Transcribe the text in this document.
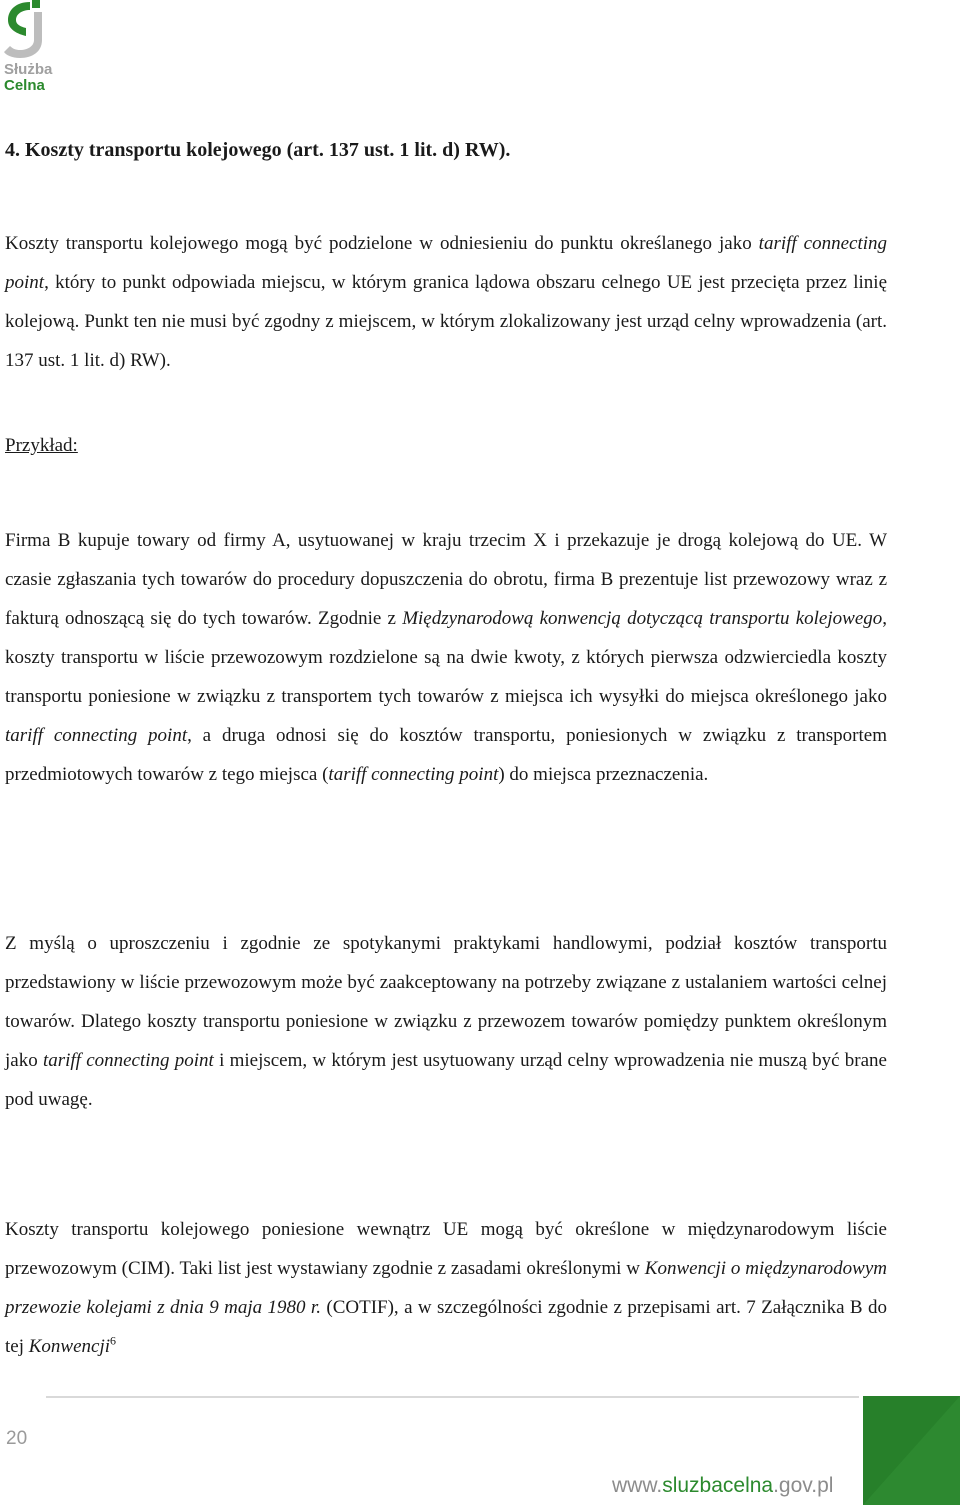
Służba
Celna
4. Koszty transportu kolejowego (art. 137 ust. 1 lit. d) RW).

Koszty transportu kolejowego mogą być podzielone w odniesieniu do punktu określanego jako tariff connecting point, który to punkt odpowiada miejscu, w którym granica lądowa obszaru celnego UE jest przecięta przez linię kolejową. Punkt ten nie musi być zgodny z miejscem, w którym zlokalizowany jest urząd celny wprowadzenia (art. 137 ust. 1 lit. d) RW).

Przykład:

Firma B kupuje towary od firmy A, usytuowanej w kraju trzecim X i przekazuje je drogą kolejową do UE. W czasie zgłaszania tych towarów do procedury dopuszczenia do obrotu, firma B prezentuje list przewozowy wraz z fakturą odnoszącą się do tych towarów. Zgodnie z Międzynarodową konwencją dotyczącą transportu kolejowego, koszty transportu w liście przewozowym rozdzielone są na dwie kwoty, z których pierwsza odzwierciedla koszty transportu poniesione w związku z transportem tych towarów z miejsca ich wysyłki do miejsca określonego jako tariff connecting point, a druga odnosi się do kosztów transportu, poniesionych w związku z transportem przedmiotowych towarów z tego miejsca (tariff connecting point) do miejsca przeznaczenia.

Z myślą o uproszczeniu i zgodnie ze spotykanymi praktykami handlowymi, podział kosztów transportu przedstawiony w liście przewozowym może być zaakceptowany na potrzeby związane z ustalaniem wartości celnej towarów. Dlatego koszty transportu poniesione w związku z przewozem towarów pomiędzy punktem określonym jako tariff connecting point i miejscem, w którym jest usytuowany urząd celny wprowadzenia nie muszą być brane pod uwagę.

Koszty transportu kolejowego poniesione wewnątrz UE mogą być określone w międzynarodowym liście przewozowym (CIM). Taki list jest wystawiany zgodnie z zasadami określonymi w Konwencji o międzynarodowym przewozie kolejami z dnia 9 maja 1980 r. (COTIF), a w szczególności zgodnie z przepisami art. 7 Załącznika B do tej Konwencji$^6$

20

www.sluzbacelna.gov.pl
